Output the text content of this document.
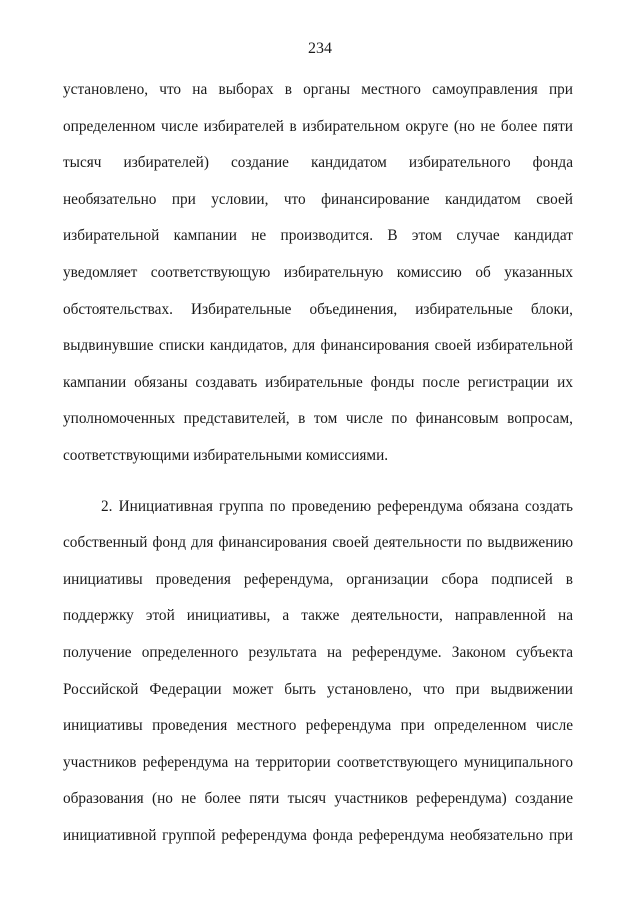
234
установлено, что на выборах в органы местного самоуправления при
определенном числе избирателей в избирательном округе (но не более пяти
тысяч избирателей) создание кандидатом избирательного фонда
необязательно при условии, что финансирование кандидатом своей
избирательной кампании не производится. В этом случае кандидат
уведомляет соответствующую избирательную комиссию об указанных
обстоятельствах. Избирательные объединения, избирательные блоки,
выдвинувшие списки кандидатов, для финансирования своей избирательной
кампании обязаны создавать избирательные фонды после регистрации их
уполномоченных представителей, в том числе по финансовым вопросам,
соответствующими избирательными комиссиями.
2. Инициативная группа по проведению референдума обязана создать
собственный фонд для финансирования своей деятельности по выдвижению
инициативы проведения референдума, организации сбора подписей в
поддержку этой инициативы, а также деятельности, направленной на
получение определенного результата на референдуме. Законом субъекта
Российской Федерации может быть установлено, что при выдвижении
инициативы проведения местного референдума при определенном числе
участников референдума на территории соответствующего муниципального
образования (но не более пяти тысяч участников референдума) создание
инициативной группой референдума фонда референдума необязательно при
